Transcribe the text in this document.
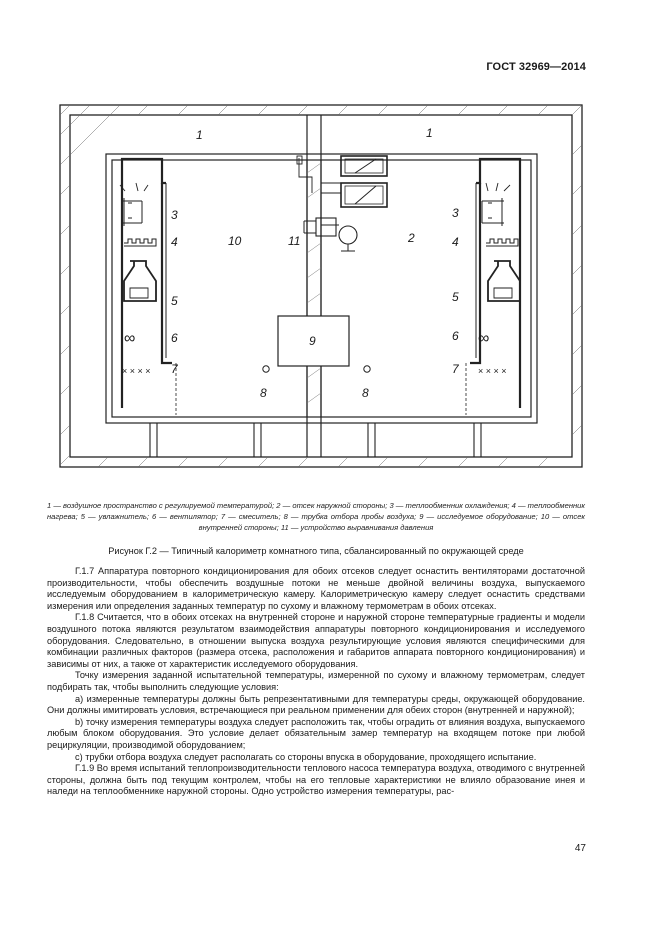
ГОСТ 32969—2014
∞
× × × ×
∞
× × × ×
1	1
2
3	3
4	4
5	5
6	6
7	7
8	8
9
10	11
1 — воздушное пространство с регулируемой температурой; 2 — отсек наружной стороны; 3 — теплообменник охлаждения; 4 — теплообменник нагрева; 5 — увлажнитель; 6 — вентилятор; 7 — смеситель; 8 — трубка отбора пробы воздуха; 9 — исследуемое оборудование; 10 — отсек внутренней стороны; 11 — устройство выравнивания давления
Рисунок Г.2 — Типичный калориметр комнатного типа, сбалансированный по окружающей среде

Г.1.7 Аппаратура повторного кондиционирования для обоих отсеков следует оснастить вентиляторами достаточной производительности, чтобы обеспечить воздушные потоки не меньше двойной величины воздуха, выпускаемого исследуемым оборудованием в калориметрическую камеру. Калориметрическую камеру следует оснастить средствами измерения или определения заданных температур по сухому и влажному термометрам в обоих отсеках.

Г.1.8 Считается, что в обоих отсеках на внутренней стороне и наружной стороне температурные градиенты и модели воздушного потока являются результатом взаимодействия аппаратуры повторного кондиционирования и исследуемого оборудования. Следовательно, в отношении выпуска воздуха результирующие условия являются специфическими для комбинации различных факторов (размера отсека, расположения и габаритов аппарата повторного кондиционирования) и зависимы от них, а также от характеристик исследуемого оборудования.

Точку измерения заданной испытательной температуры, измеренной по сухому и влажному термометрам, следует подбирать так, чтобы выполнить следующие условия:

а) измеренные температуры должны быть репрезентативными для температуры среды, окружающей оборудование. Они должны имитировать условия, встречающиеся при реальном применении для обеих сторон (внутренней и наружной);

b) точку измерения температуры воздуха следует расположить так, чтобы оградить от влияния воздуха, выпускаемого любым блоком оборудования. Это условие делает обязательным замер температур на входящем потоке при любой рециркуляции, производимой оборудованием;

с) трубки отбора воздуха следует располагать со стороны впуска в оборудование, проходящего испытание.

Г.1.9 Во время испытаний теплопроизводительности теплового насоса температура воздуха, отводимого с внутренней стороны, должна быть под текущим контролем, чтобы на его тепловые характеристики не влияло образование инея и наледи на теплообменнике наружной стороны. Одно устройство измерения температуры, рас-

47
